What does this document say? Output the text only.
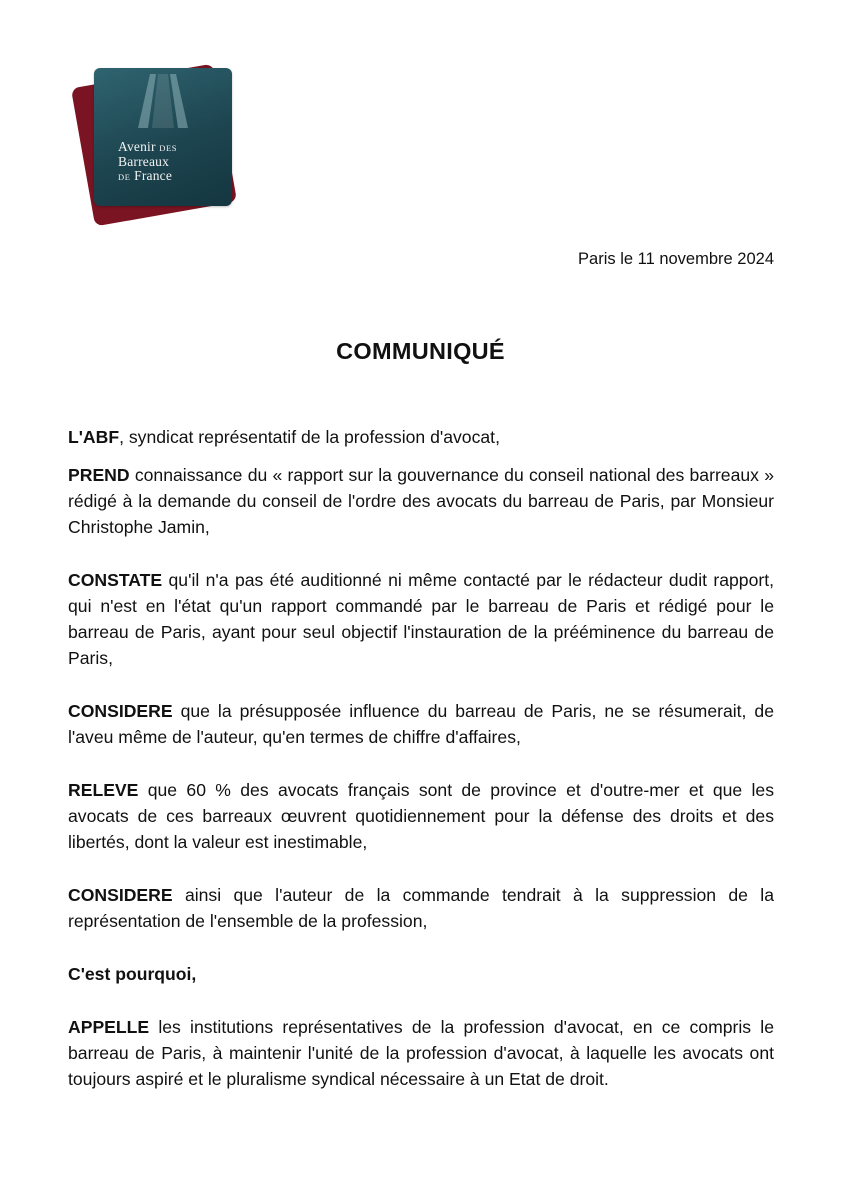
Avenir DES
Barreaux
DE France
Paris le 11 novembre 2024
COMMUNIQUÉ

L'ABF, syndicat représentatif de la profession d'avocat,

PREND connaissance du « rapport sur la gouvernance du conseil national des barreaux » rédigé à la demande du conseil de l'ordre des avocats du barreau de Paris, par Monsieur Christophe Jamin,

CONSTATE qu'il n'a pas été auditionné ni même contacté par le rédacteur dudit rapport, qui n'est en l'état qu'un rapport commandé par le barreau de Paris et rédigé pour le barreau de Paris, ayant pour seul objectif l'instauration de la prééminence du barreau de Paris,

CONSIDERE que la présupposée influence du barreau de Paris, ne se résumerait, de l'aveu même de l'auteur, qu'en termes de chiffre d'affaires,

RELEVE que 60 % des avocats français sont de province et d'outre-mer et que les avocats de ces barreaux œuvrent quotidiennement pour la défense des droits et des libertés, dont la valeur est inestimable,

CONSIDERE ainsi que l'auteur de la commande tendrait à la suppression de la représentation de l'ensemble de la profession,

C'est pourquoi,

APPELLE les institutions représentatives de la profession d'avocat, en ce compris le barreau de Paris, à maintenir l'unité de la profession d'avocat, à laquelle les avocats ont toujours aspiré et le pluralisme syndical nécessaire à un Etat de droit.
